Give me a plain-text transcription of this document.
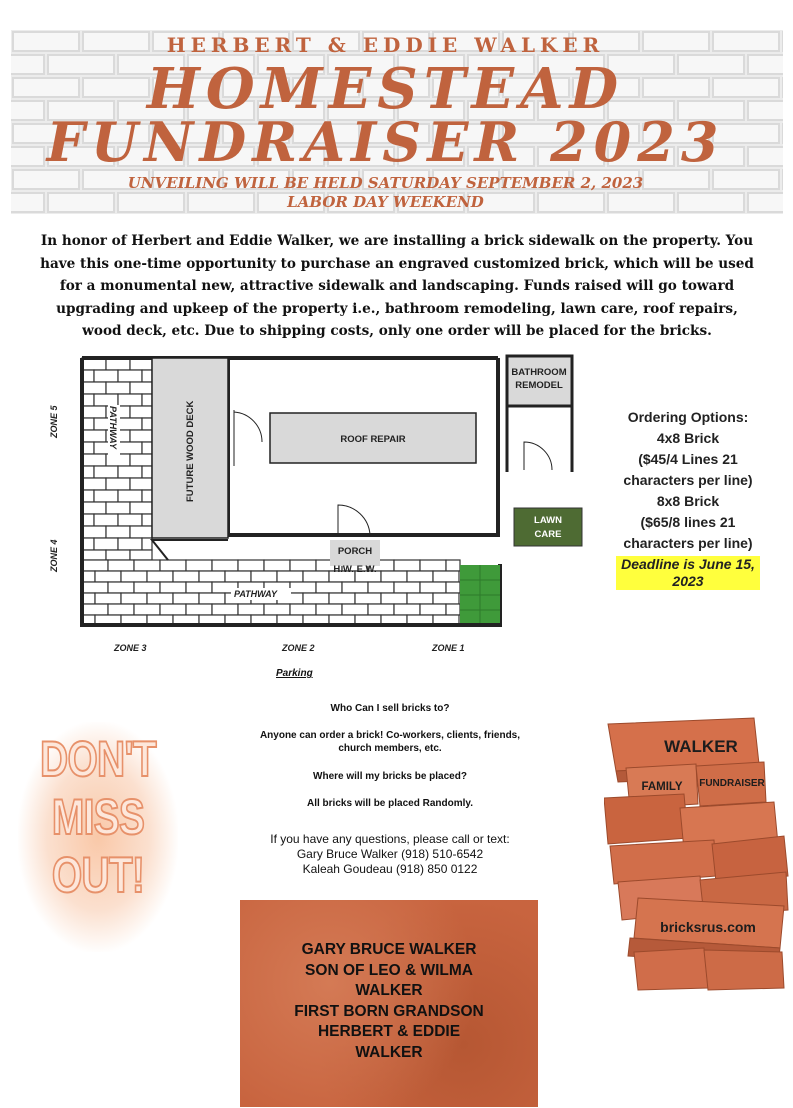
HERBERT & EDDIE WALKER
HOMESTEAD
FUNDRAISER 2023
UNVEILING WILL BE HELD SATURDAY SEPTEMBER 2, 2023
LABOR DAY WEEKEND
In honor of Herbert and Eddie Walker, we are installing a brick sidewalk on the property. You have this one-time opportunity to purchase an engraved customized brick, which will be used for a monumental new, attractive sidewalk and landscaping. Funds raised will go toward upgrading and upkeep of the property i.e., bathroom remodeling, lawn care, roof repairs, wood deck, etc. Due to shipping costs, only one order will be placed for the bricks.
BATHROOM
REMODEL
FUTURE WOOD DECK	ROOF REPAIR
PORCH
H.W. E.W.
LAWN
CARE
PATHWAY
PATHWAY
ZONE 5
ZONE 4
ZONE 3	ZONE 2	ZONE 1
Parking
Ordering Options:
4x8 Brick
($45/4 Lines 21 characters per line)
8x8 Brick
($65/8 lines 21 characters per line)
Deadline is June 15, 2023
DON'T
MISS
OUT!

Who Can I sell bricks to?

Anyone can order a brick! Co-workers, clients, friends, church members, etc.

Where will my bricks be placed?

All bricks will be placed Randomly.

If you have any questions, please call or text:
Gary Bruce Walker (918) 510-6542
Kaleah Goudeau (918) 850 0122
GARY BRUCE WALKER
SON OF LEO & WILMA
WALKER
FIRST BORN GRANDSON
HERBERT & EDDIE
WALKER
WALKER
FAMILY FUNDRAISER
bricksrus.com
